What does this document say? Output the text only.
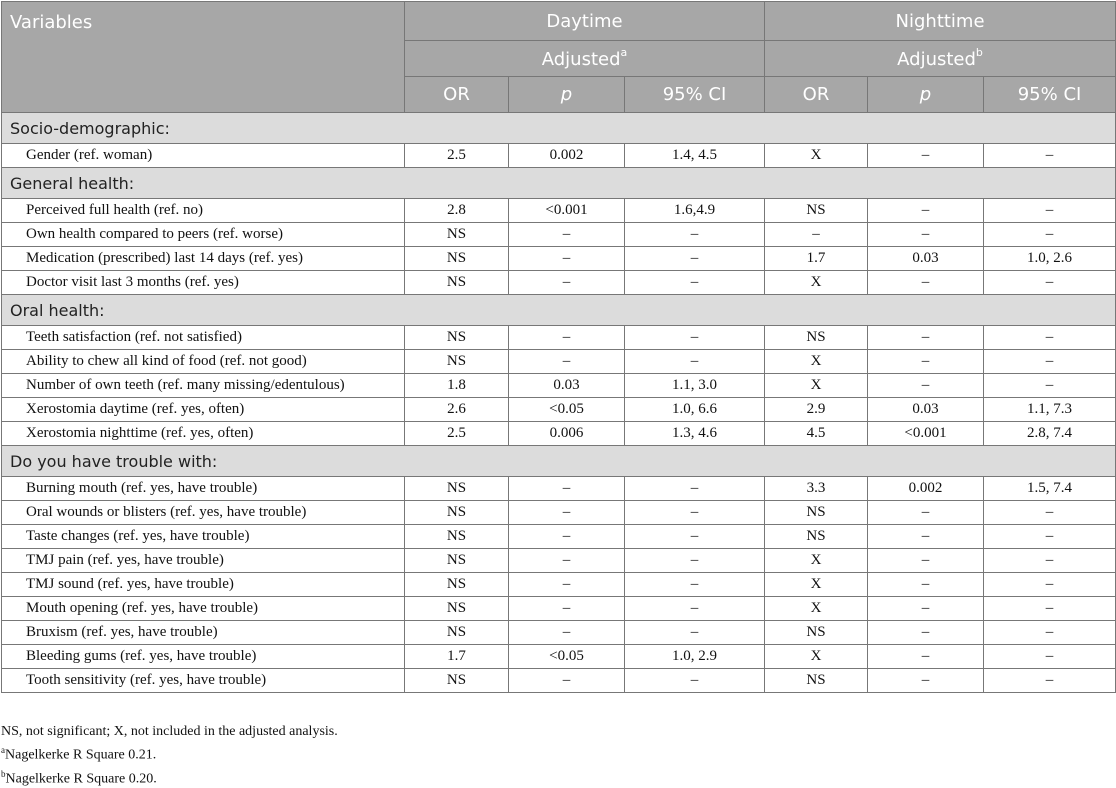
Variables	Daytime			Nighttime		
	Adjusted$^a$			Adjusted$^b$
	OR	p	95% CI	OR	p	95% CI
Socio-demographic:						
Gender (ref. woman)	2.5	0.002	1.4, 4.5	X	–	–
General health:						
Perceived full health (ref. no)	2.8	<0.001	1.6,4.9	NS	–	–
Own health compared to peers (ref. worse)	NS	–	–	–	–	–
Medication (prescribed) last 14 days (ref. yes)	NS	–	–	1.7	0.03	1.0, 2.6
Doctor visit last 3 months (ref. yes)	NS	–	–	X	–	–
Oral health:						
Teeth satisfaction (ref. not satisfied)	NS	–	–	NS	–	–
Ability to chew all kind of food (ref. not good)	NS	–	–	X	–	–
Number of own teeth (ref. many missing/edentulous)	1.8	0.03	1.1, 3.0	X	–	–
Xerostomia daytime (ref. yes, often)	2.6	<0.05	1.0, 6.6	2.9	0.03	1.1, 7.3
Xerostomia nighttime (ref. yes, often)	2.5	0.006	1.3, 4.6	4.5	<0.001	2.8, 7.4
Do you have trouble with:						
Burning mouth (ref. yes, have trouble)	NS	–	–	3.3	0.002	1.5, 7.4
Oral wounds or blisters (ref. yes, have trouble)	NS	–	–	NS	–	–
Taste changes (ref. yes, have trouble)	NS	–	–	NS	–	–
TMJ pain (ref. yes, have trouble)	NS	–	–	X	–	–
TMJ sound (ref. yes, have trouble)	NS	–	–	X	–	–
Mouth opening (ref. yes, have trouble)	NS	–	–	X	–	–
Bruxism (ref. yes, have trouble)	NS	–	–	NS	–	–
Bleeding gums (ref. yes, have trouble)	1.7	<0.05	1.0, 2.9	X	–	–
Tooth sensitivity (ref. yes, have trouble)	NS	–	–	NS	–	–
NS, not significant; X, not included in the adjusted analysis.
$^a$Nagelkerke R Square 0.21.
$^b$Nagelkerke R Square 0.20.
